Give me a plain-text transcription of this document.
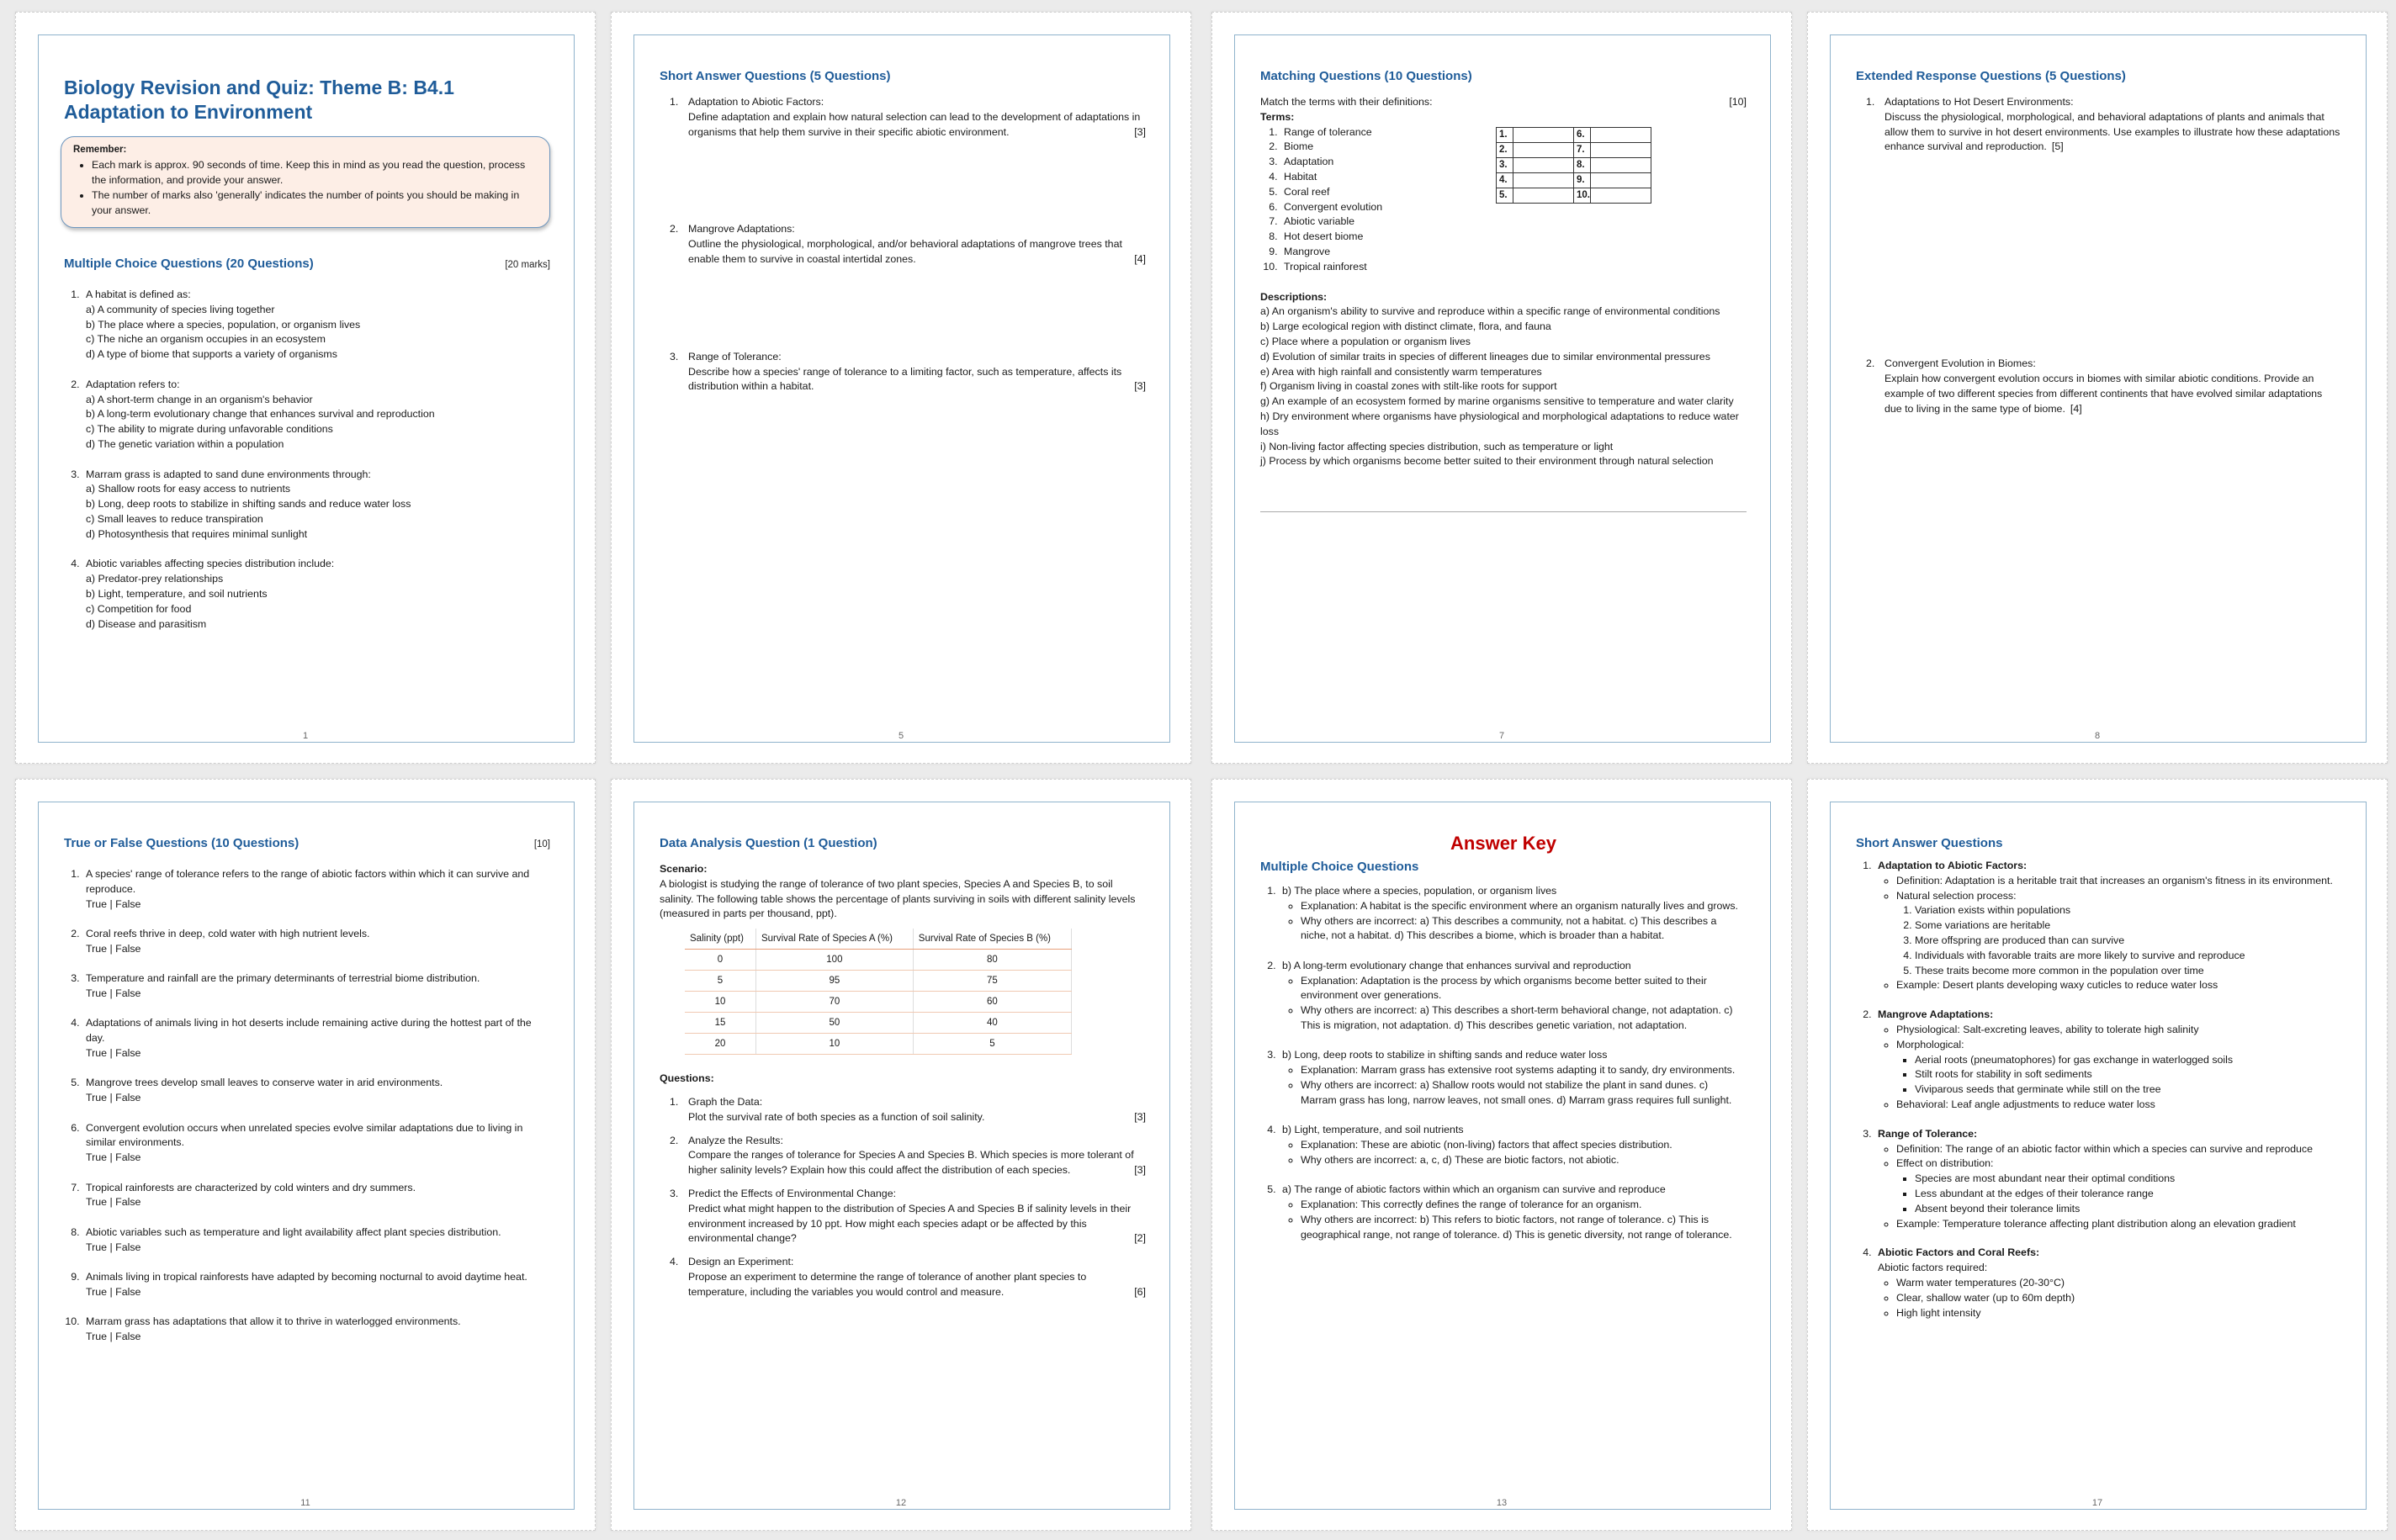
Biology Revision and Quiz: Theme B: B4.1 Adaptation to Environment
Remember:
• Each mark is approx. 90 seconds of time. Keep this in mind as you read the question, process the information, and provide your answer.
• The number of marks also 'generally' indicates the number of points you should be making in your answer.
Multiple Choice Questions (20 Questions)	[20 marks]
1. A habitat is defined as:
a) A community of species living together
b) The place where a species, population, or organism lives
c) The niche an organism occupies in an ecosystem
d) A type of biome that supports a variety of organisms
2. Adaptation refers to:
a) A short-term change in an organism's behavior
b) A long-term evolutionary change that enhances survival and reproduction
c) The ability to migrate during unfavorable conditions
d) The genetic variation within a population
3. Marram grass is adapted to sand dune environments through:
a) Shallow roots for easy access to nutrients
b) Long, deep roots to stabilize in shifting sands and reduce water loss
c) Small leaves to reduce transpiration
d) Photosynthesis that requires minimal sunlight
4. Abiotic variables affecting species distribution include:
a) Predator-prey relationships
b) Light, temperature, and soil nutrients
c) Competition for food
d) Disease and parasitism
1
Short Answer Questions (5 Questions)
1. Adaptation to Abiotic Factors:
Define adaptation and explain how natural selection can lead to the development of adaptations in organisms that help them survive in their specific abiotic environment.	[3]
2. Mangrove Adaptations:
Outline the physiological, morphological, and/or behavioral adaptations of mangrove trees that enable them to survive in coastal intertidal zones.	[4]
3. Range of Tolerance:
Describe how a species' range of tolerance to a limiting factor, such as temperature, affects its distribution within a habitat.	[3]
5
Matching Questions (10 Questions)
Match the terms with their definitions:	[10]
Terms:
1. Range of tolerance
2. Biome
3. Adaptation
4. Habitat
5. Coral reef
6. Convergent evolution
7. Abiotic variable
8. Hot desert biome
9. Mangrove
10. Tropical rainforest
1.		6.	
2.		7.	
3.		8.	
4.		9.	
5.		10.	
Descriptions:
a) An organism's ability to survive and reproduce within a specific range of environmental conditions
b) Large ecological region with distinct climate, flora, and fauna
c) Place where a population or organism lives
d) Evolution of similar traits in species of different lineages due to similar environmental pressures
e) Area with high rainfall and consistently warm temperatures
f) Organism living in coastal zones with stilt-like roots for support
g) An example of an ecosystem formed by marine organisms sensitive to temperature and water clarity
h) Dry environment where organisms have physiological and morphological adaptations to reduce water loss
i) Non-living factor affecting species distribution, such as temperature or light
j) Process by which organisms become better suited to their environment through natural selection
7
Extended Response Questions (5 Questions)
1. Adaptations to Hot Desert Environments:
Discuss the physiological, morphological, and behavioral adaptations of plants and animals that allow them to survive in hot desert environments. Use examples to illustrate how these adaptations enhance survival and reproduction. [5]
2. Convergent Evolution in Biomes:
Explain how convergent evolution occurs in biomes with similar abiotic conditions. Provide an example of two different species from different continents that have evolved similar adaptations due to living in the same type of biome. [4]
8
True or False Questions (10 Questions)	[10]
1. A species' range of tolerance refers to the range of abiotic factors within which it can survive and reproduce.
True | False
2. Coral reefs thrive in deep, cold water with high nutrient levels.
True | False
3. Temperature and rainfall are the primary determinants of terrestrial biome distribution.
True | False
4. Adaptations of animals living in hot deserts include remaining active during the hottest part of the day.
True | False
5. Mangrove trees develop small leaves to conserve water in arid environments.
True | False
6. Convergent evolution occurs when unrelated species evolve similar adaptations due to living in similar environments.
True | False
7. Tropical rainforests are characterized by cold winters and dry summers.
True | False
8. Abiotic variables such as temperature and light availability affect plant species distribution.
True | False
9. Animals living in tropical rainforests have adapted by becoming nocturnal to avoid daytime heat.
True | False
10. Marram grass has adaptations that allow it to thrive in waterlogged environments.
True | False
11
Data Analysis Question (1 Question)
Scenario:
A biologist is studying the range of tolerance of two plant species, Species A and Species B, to soil salinity. The following table shows the percentage of plants surviving in soils with different salinity levels (measured in parts per thousand, ppt).
Salinity (ppt)	Survival Rate of Species A (%)	Survival Rate of Species B (%)
0	100	80
5	95	75
10	70	60
15	50	40
20	10	5
Questions:
1. Graph the Data:
Plot the survival rate of both species as a function of soil salinity.	[3]
2. Analyze the Results:
Compare the ranges of tolerance for Species A and Species B. Which species is more tolerant of higher salinity levels? Explain how this could affect the distribution of each species.	[3]
3. Predict the Effects of Environmental Change:
Predict what might happen to the distribution of Species A and Species B if salinity levels in their environment increased by 10 ppt. How might each species adapt or be affected by this environmental change?	[2]
4. Design an Experiment:
Propose an experiment to determine the range of tolerance of another plant species to temperature, including the variables you would control and measure.	[6]
12
Answer Key
Multiple Choice Questions
1. b) The place where a species, population, or organism lives
◦ Explanation: A habitat is the specific environment where an organism naturally lives and grows.
◦ Why others are incorrect: a) This describes a community, not a habitat. c) This describes a niche, not a habitat. d) This describes a biome, which is broader than a habitat.
2. b) A long-term evolutionary change that enhances survival and reproduction
◦ Explanation: Adaptation is the process by which organisms become better suited to their environment over generations.
◦ Why others are incorrect: a) This describes a short-term behavioral change, not adaptation. c) This is migration, not adaptation. d) This describes genetic variation, not adaptation.
3. b) Long, deep roots to stabilize in shifting sands and reduce water loss
◦ Explanation: Marram grass has extensive root systems adapting it to sandy, dry environments.
◦ Why others are incorrect: a) Shallow roots would not stabilize the plant in sand dunes. c) Marram grass has long, narrow leaves, not small ones. d) Marram grass requires full sunlight.
4. b) Light, temperature, and soil nutrients
◦ Explanation: These are abiotic (non-living) factors that affect species distribution.
◦ Why others are incorrect: a, c, d) These are biotic factors, not abiotic.
5. a) The range of abiotic factors within which an organism can survive and reproduce
◦ Explanation: This correctly defines the range of tolerance for an organism.
◦ Why others are incorrect: b) This refers to biotic factors, not range of tolerance. c) This is geographical range, not range of tolerance. d) This is genetic diversity, not range of tolerance.
13
Short Answer Questions
1. Adaptation to Abiotic Factors:
◦ Definition: Adaptation is a heritable trait that increases an organism's fitness in its environment.
◦ Natural selection process:
1. Variation exists within populations
2. Some variations are heritable
3. More offspring are produced than can survive
4. Individuals with favorable traits are more likely to survive and reproduce
5. These traits become more common in the population over time
◦ Example: Desert plants developing waxy cuticles to reduce water loss
2. Mangrove Adaptations:
◦ Physiological: Salt-excreting leaves, ability to tolerate high salinity
◦ Morphological:
▪ Aerial roots (pneumatophores) for gas exchange in waterlogged soils
▪ Stilt roots for stability in soft sediments
▪ Viviparous seeds that germinate while still on the tree
◦ Behavioral: Leaf angle adjustments to reduce water loss
3. Range of Tolerance:
◦ Definition: The range of an abiotic factor within which a species can survive and reproduce
◦ Effect on distribution:
▪ Species are most abundant near their optimal conditions
▪ Less abundant at the edges of their tolerance range
▪ Absent beyond their tolerance limits
◦ Example: Temperature tolerance affecting plant distribution along an elevation gradient
4. Abiotic Factors and Coral Reefs:
Abiotic factors required:
◦ Warm water temperatures (20-30°C)
◦ Clear, shallow water (up to 60m depth)
◦ High light intensity
17
